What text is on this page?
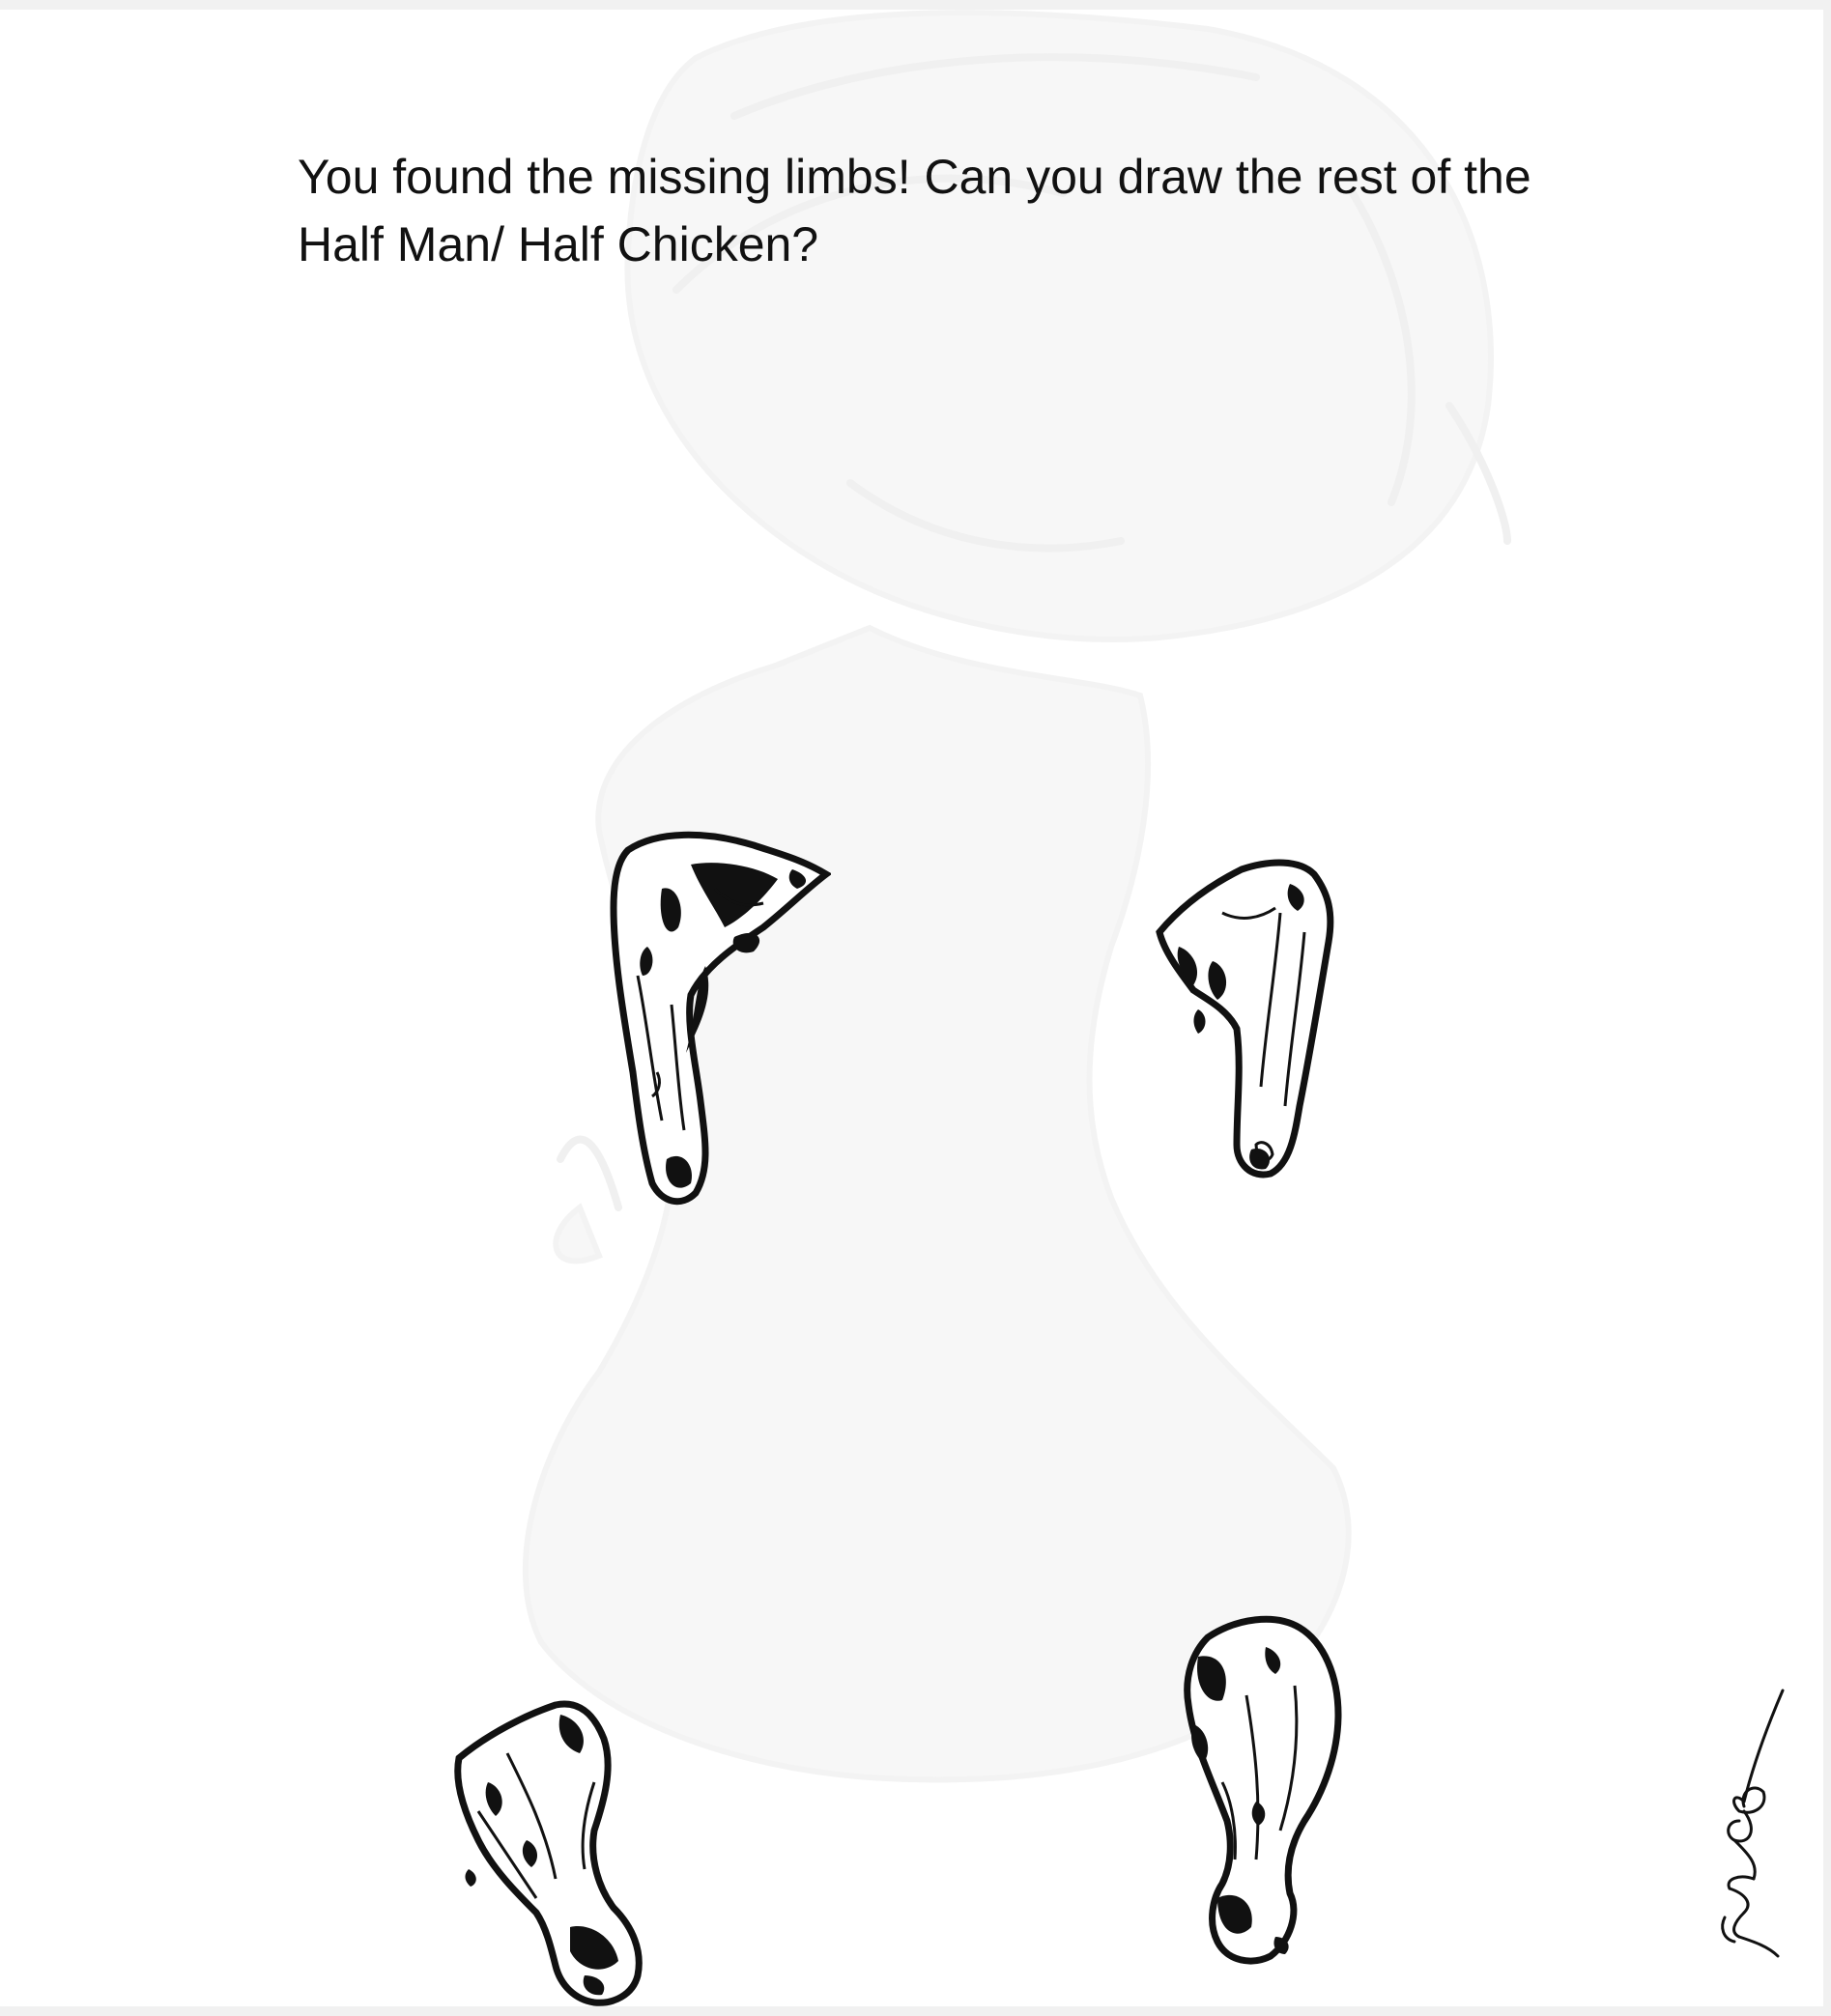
You found the missing limbs! Can you draw the rest of the
Half Man/ Half Chicken?
